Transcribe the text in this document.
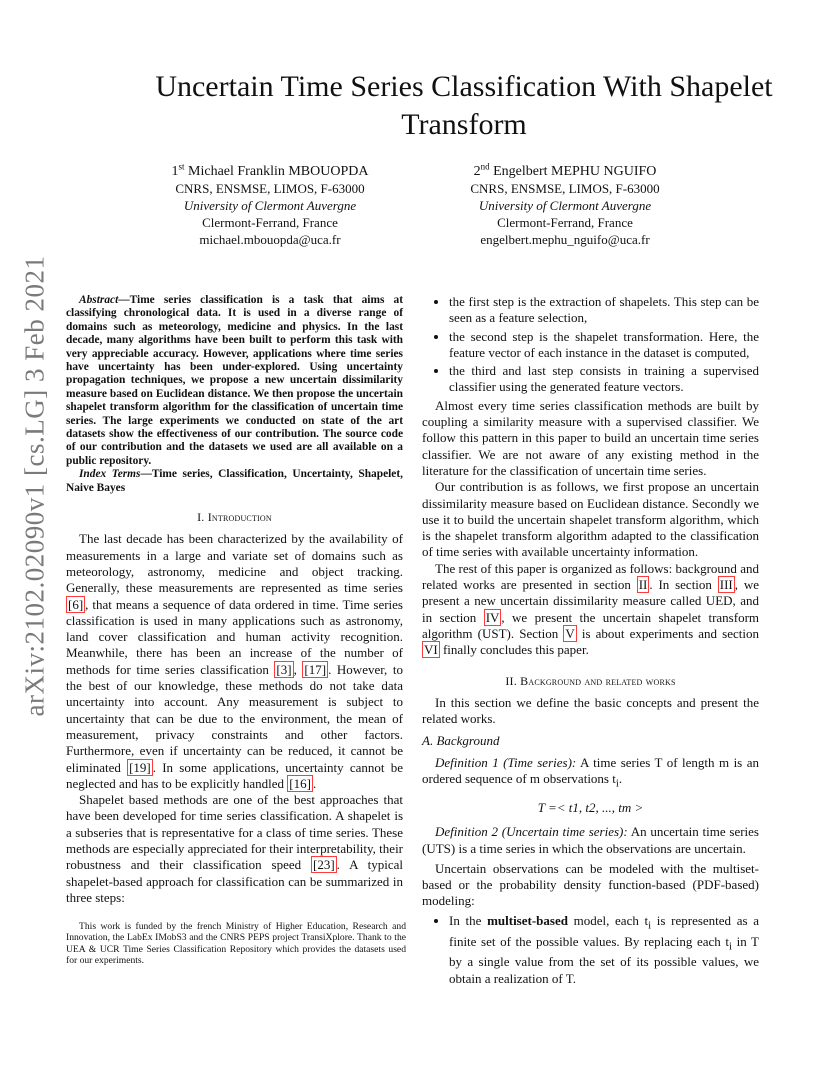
arXiv:2102.02090v1 [cs.LG] 3 Feb 2021
Uncertain Time Series Classification With Shapelet
Transform
1st Michael Franklin MBOUOPDA
CNRS, ENSMSE, LIMOS, F-63000
University of Clermont Auvergne
Clermont-Ferrand, France
michael.mbouopda@uca.fr
2nd Engelbert MEPHU NGUIFO
CNRS, ENSMSE, LIMOS, F-63000
University of Clermont Auvergne
Clermont-Ferrand, France
engelbert.mephu_nguifo@uca.fr

Abstract—Time series classification is a task that aims at classifying chronological data. It is used in a diverse range of domains such as meteorology, medicine and physics. In the last decade, many algorithms have been built to perform this task with very appreciable accuracy. However, applications where time series have uncertainty has been under-explored. Using uncertainty propagation techniques, we propose a new uncertain dissimilarity measure based on Euclidean distance. We then propose the uncertain shapelet transform algorithm for the classification of uncertain time series. The large experiments we conducted on state of the art datasets show the effectiveness of our contribution. The source code of our contribution and the datasets we used are all available on a public repository.

Index Terms—Time series, Classification, Uncertainty, Shapelet, Naive Bayes

I. Introduction

The last decade has been characterized by the availability of measurements in a large and variate set of domains such as meteorology, astronomy, medicine and object tracking. Generally, these measurements are represented as time series [6] , that means a sequence of data ordered in time. Time series classification is used in many applications such as astronomy, land cover classification and human activity recognition. Meanwhile, there has been an increase of the number of methods for time series classification [3] , [17] . However, to the best of our knowledge, these methods do not take data uncertainty into account. Any measurement is subject to uncertainty that can be due to the environment, the mean of measurement, privacy constraints and other factors. Furthermore, even if uncertainty can be reduced, it cannot be eliminated [19] . In some applications, uncertainty cannot be neglected and has to be explicitly handled [16] .

Shapelet based methods are one of the best approaches that have been developed for time series classification. A shapelet is a subseries that is representative for a class of time series. These methods are especially appreciated for their interpretability, their robustness and their classification speed [23] . A typical shapelet-based approach for classification can be summarized in three steps:

This work is funded by the french Ministry of Higher Education, Research and Innovation, the LabEx IMobS3 and the CNRS PEPS project TransiXplore. Thank to the UEA & UCR Time Series Classification Repository which provides the datasets used for our experiments.
• the first step is the extraction of shapelets. This step can be seen as a feature selection,
• the second step is the shapelet transformation. Here, the feature vector of each instance in the dataset is computed,
• the third and last step consists in training a supervised classifier using the generated feature vectors.

Almost every time series classification methods are built by coupling a similarity measure with a supervised classifier. We follow this pattern in this paper to build an uncertain time series classifier. We are not aware of any existing method in the literature for the classification of uncertain time series.

Our contribution is as follows, we first propose an uncertain dissimilarity measure based on Euclidean distance. Secondly we use it to build the uncertain shapelet transform algorithm, which is the shapelet transform algorithm adapted to the classification of time series with available uncertainty information.

The rest of this paper is organized as follows: background and related works are presented in section II . In section III , we present a new uncertain dissimilarity measure called UED, and in section IV , we present the uncertain shapelet transform algorithm (UST). Section V is about experiments and section VI finally concludes this paper.

II. Background and related works

In this section we define the basic concepts and present the related works.

A. Background

Definition 1 (Time series): A time series T of length m is an ordered sequence of m observations $t_i$.

T =< t1, t2, ..., tm >

Definition 2 (Uncertain time series): An uncertain time series (UTS) is a time series in which the observations are uncertain.

Uncertain observations can be modeled with the multiset-based or the probability density function-based (PDF-based) modeling:

• In the multiset-based model, each $t_i$ is represented as a finite set of the possible values. By replacing each $t_i$ in T by a single value from the set of its possible values, we obtain a realization of T.
